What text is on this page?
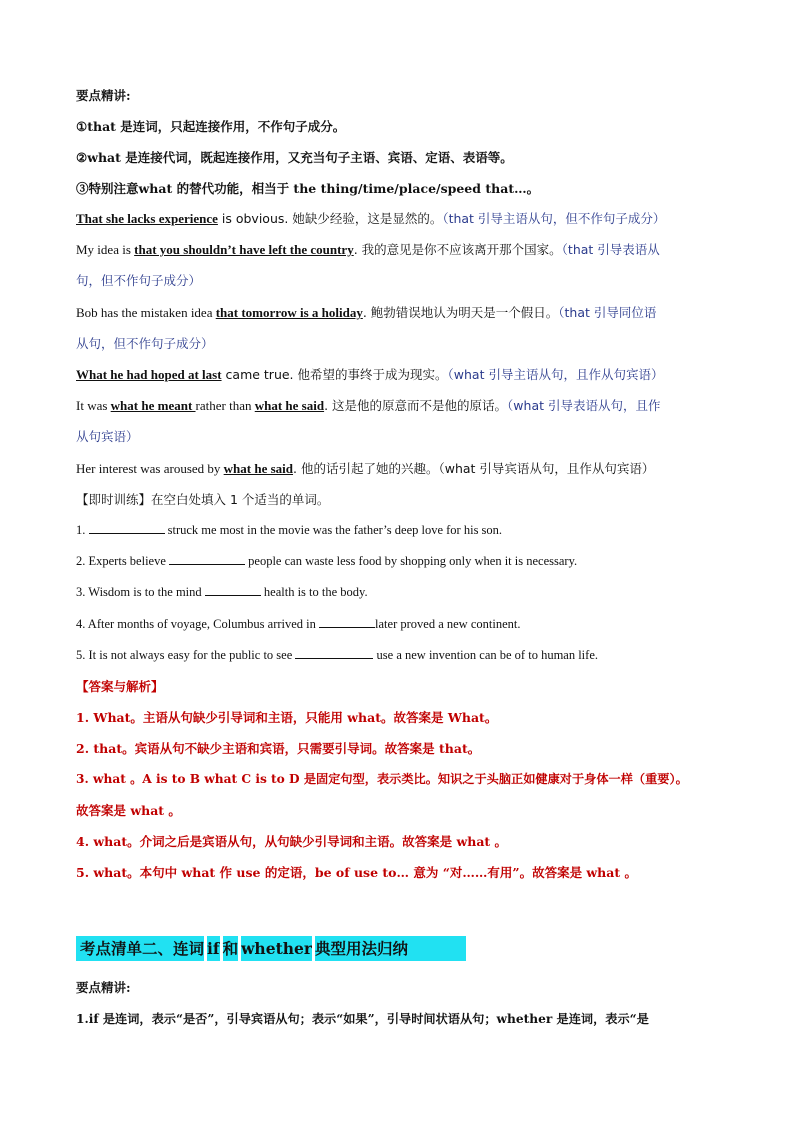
要点精讲:
①that 是连词，只起连接作用，不作句子成分。
②what 是连接代词，既起连接作用，又充当句子主语、宾语、定语、表语等。
③特别注意what 的替代功能，相当于 the thing/time/place/speed that…。
That she lacks experience is obvious. 她缺少经验，这是显然的。（that 引导主语从句，但不作句子成分）
My idea is that you shouldn’t have left the country. 我的意见是你不应该离开那个国家。（that 引导表语从
句，但不作句子成分）
Bob has the mistaken idea that tomorrow is a holiday. 鲍勃错误地认为明天是一个假日。（that 引导同位语
从句，但不作句子成分）
What he had hoped at last came true. 他希望的事终于成为现实。（what 引导主语从句，且作从句宾语）
It was what he meant rather than what he said. 这是他的原意而不是他的原话。（what 引导表语从句，且作
从句宾语）
Her interest was aroused by what he said. 他的话引起了她的兴趣。（what 引导宾语从句，且作从句宾语）
【即时训练】在空白处填入 1 个适当的单词。
1.	struck me most in the movie was the father’s deep love for his son.
2. Experts believe	people can waste less food by shopping only when it is necessary.
3. Wisdom is to the mind	health is to the body.
4. After months of voyage, Columbus arrived in	later proved a new continent.
5. It is not always easy for the public to see	use a new invention can be of to human life.
【答案与解析】
1. What。主语从句缺少引导词和主语，只能用 what。故答案是 What。
2. that。宾语从句不缺少主语和宾语，只需要引导词。故答案是 that。
3. what 。A is to B what C is to D 是固定句型，表示类比。知识之于头脑正如健康对于身体一样（重要）。
故答案是 what 。
4. what。介词之后是宾语从句，从句缺少引导词和主语。故答案是 what 。
5. what。本句中 what 作 use 的定语，be of use to… 意为 “对……有用”。故答案是 what 。
考点清单二、连词 if 和 whether 典型用法归纳
要点精讲:
1.if 是连词，表示“是否”，引导宾语从句；表示“如果”，引导时间状语从句；whether 是连词，表示“是
